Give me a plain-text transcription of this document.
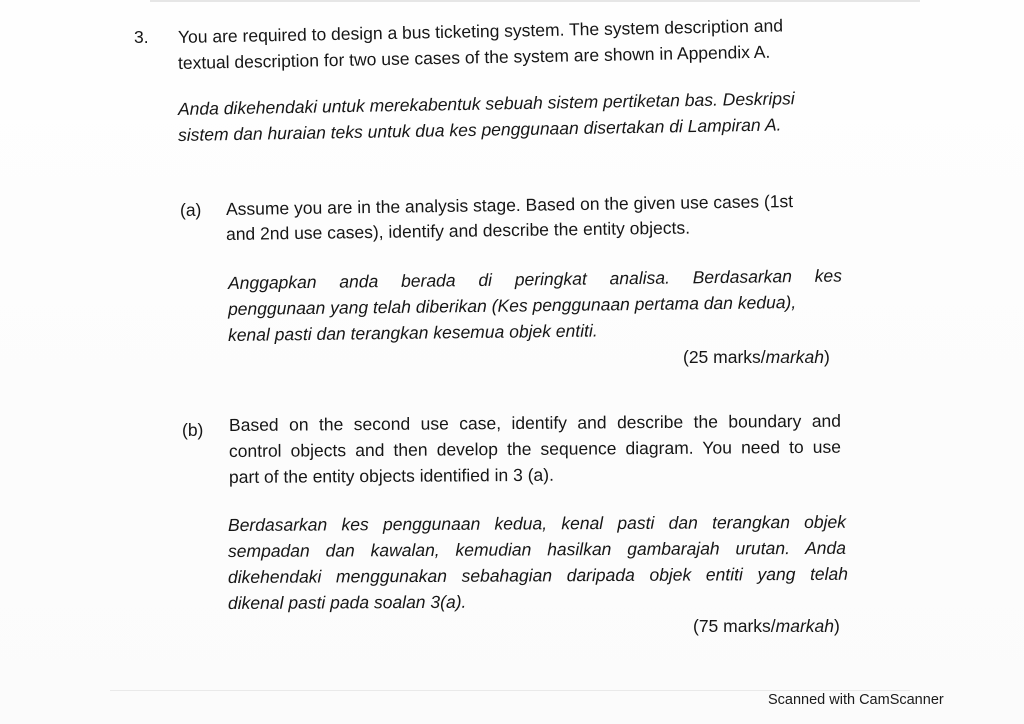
3. You are required to design a bus ticketing system. The system description and
textual description for two use cases of the system are shown in Appendix A.
Anda dikehendaki untuk merekabentuk sebuah sistem pertiketan bas. Deskripsi
sistem dan huraian teks untuk dua kes penggunaan disertakan di Lampiran A.
(a) Assume you are in the analysis stage. Based on the given use cases (1st
and 2nd use cases), identify and describe the entity objects.
Anggapkan anda berada di peringkat analisa. Berdasarkan kes
penggunaan yang telah diberikan (Kes penggunaan pertama dan kedua),
kenal pasti dan terangkan kesemua objek entiti.
(25 marks/markah)
(b) Based on the second use case, identify and describe the boundary and
control objects and then develop the sequence diagram. You need to use
part of the entity objects identified in 3 (a).
Berdasarkan kes penggunaan kedua, kenal pasti dan terangkan objek
sempadan dan kawalan, kemudian hasilkan gambarajah urutan. Anda
dikehendaki menggunakan sebahagian daripada objek entiti yang telah
dikenal pasti pada soalan 3(a).
(75 marks/markah)
Scanned with CamScanner
